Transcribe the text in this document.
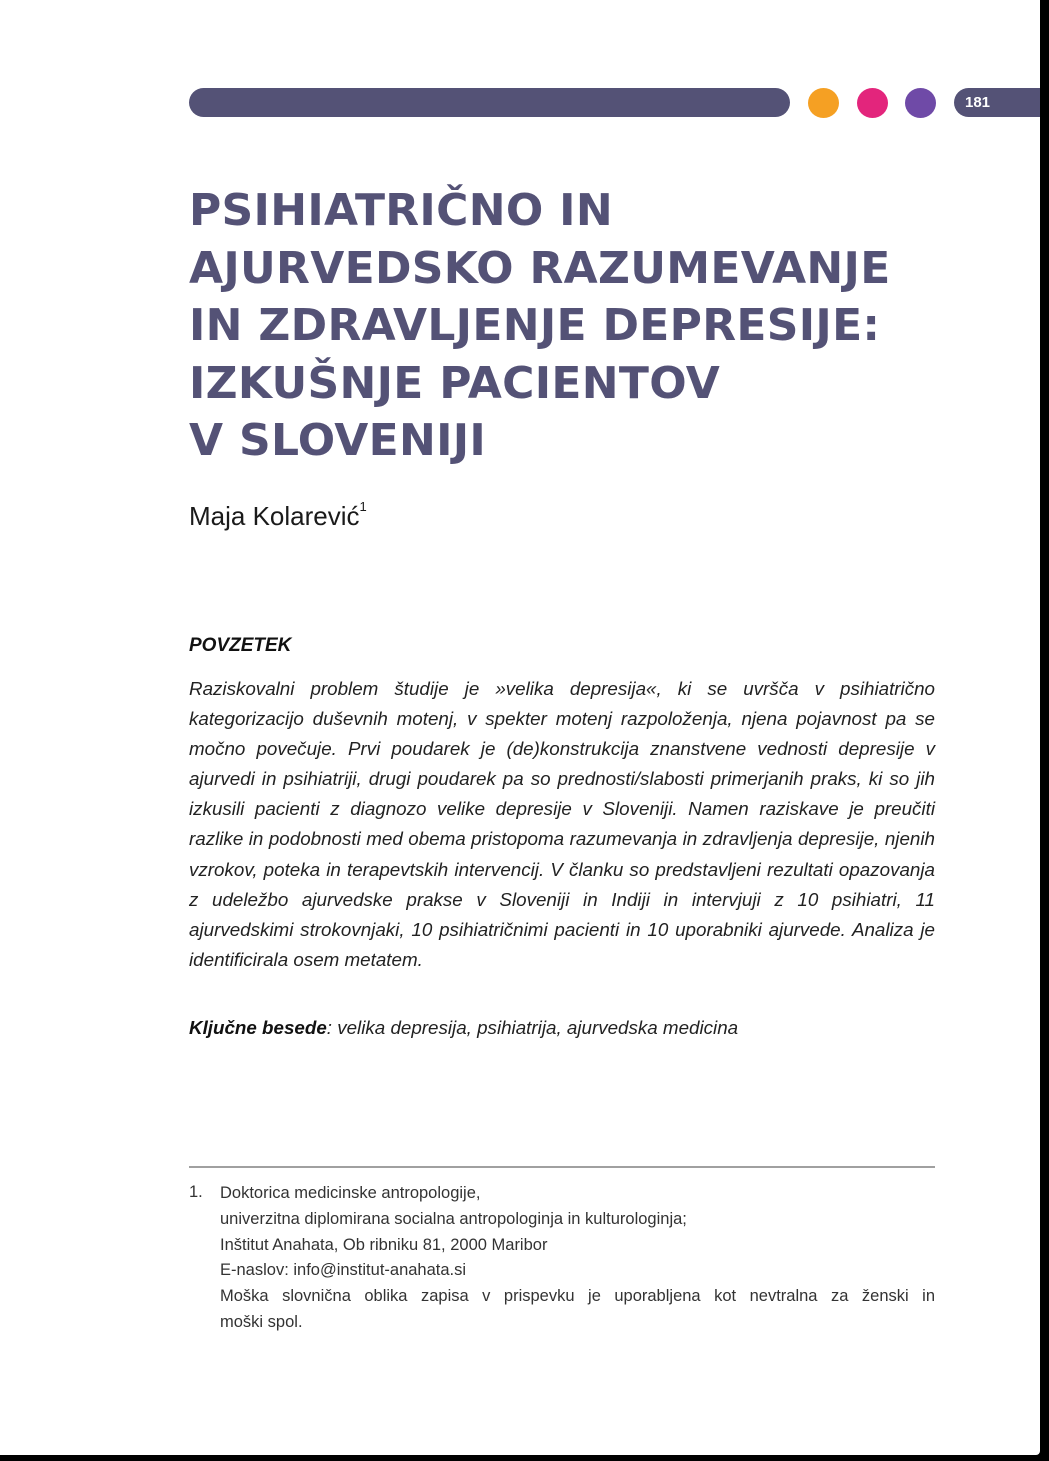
181
PSIHIATRIČNO IN
AJURVEDSKO RAZUMEVANJE
IN ZDRAVLJENJE DEPRESIJE:
IZKUŠNJE PACIENTOV
V SLOVENIJI
Maja Kolarević$^1$
POVZETEK

Raziskovalni problem študije je »velika depresija«, ki se uvršča v psihiatrično kategorizacijo duševnih motenj, v spekter motenj razpoloženja, njena pojavnost pa se močno povečuje. Prvi poudarek je (de)konstrukcija znanstvene vednosti depresije v ajurvedi in psihiatriji, drugi poudarek pa so prednosti/slabosti primerjanih praks, ki so jih izkusili pacienti z diagnozo velike depresije v Sloveniji. Namen raziskave je preučiti razlike in podobnosti med obema pristopoma razumevanja in zdravljenja depresije, njenih vzrokov, poteka in terapevtskih intervencij. V članku so predstavljeni rezultati opazovanja z udeležbo ajurvedske prakse v Sloveniji in Indiji in intervjuji z 10 psihiatri, 11 ajurvedskimi strokovnjaki, 10 psihiatričnimi pacienti in 10 uporabniki ajurvede. Analiza je identificirala osem metatem.

Ključne besede: velika depresija, psihiatrija, ajurvedska medicina
1. Doktorica medicinske antropologije,
univerzitna diplomirana socialna antropologinja in kulturologinja;
Inštitut Anahata, Ob ribniku 81, 2000 Maribor
E-naslov: info@institut-anahata.si
Moška slovnična oblika zapisa v prispevku je uporabljena kot nevtralna za ženski in
moški spol.
